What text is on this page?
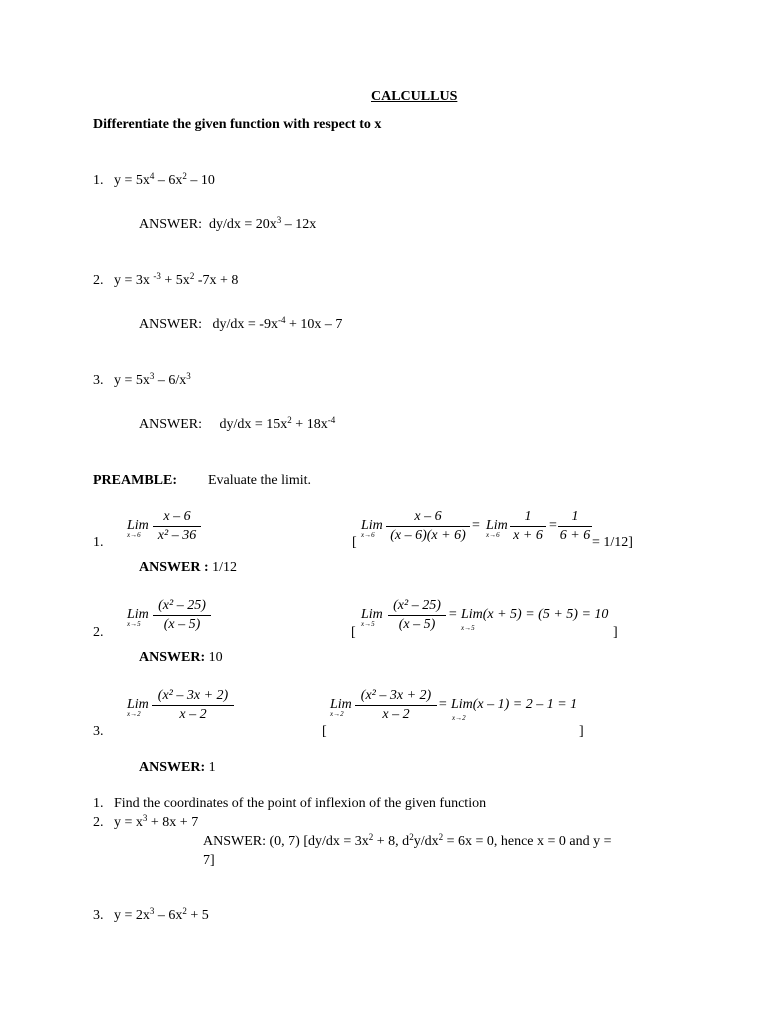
CALCULLUS
Differentiate the given function with respect to x
1. $y = 5x^4 - 6x^2 - 10$
ANSWER: $dy/dx = 20x^3 - 12x$
2. y = 3x $^{-3} + 5x^2$ -7x + 8
ANSWER: $dy/dx = -9x^{-4} + 10x - 7$
3. $y = 5x^3 - 6/x^3$
ANSWER: $dy/dx = 15x^2 + 18x^{-4}$
PREAMBLE: Evaluate the limit.
1.
Lim
x→6
x – 6
x² – 36	[
Lim
x→6
x – 6
(x – 6)(x + 6)
= Lim
x→6
1
x + 6
=
1
6 + 6 = 1/12]
ANSWER : 1/12
2.
Lim
x→5
(x² – 25)
(x – 5)
[
Lim
x→5
(x² – 25)
(x – 5)
= Lim(x + 5) = (5 + 5) = 10
x→5	]
ANSWER: 10
3.
Lim
x→2
(x² – 3x + 2)
x – 2
[
Lim
x→2
(x² – 3x + 2)
x – 2
= Lim(x – 1) = 2 – 1 = 1
x→2
]
ANSWER: 1
1. Find the coordinates of the point of inflexion of the given function
2. $y = x^3 + 8x + 7$
ANSWER: (0, 7) [$dy/dx = 3x^2 + 8$, $d^2y/dx^2 = 6x = 0$, hence x = 0 and y =
7]
3. $y = 2x^3 - 6x^2 + 5$
